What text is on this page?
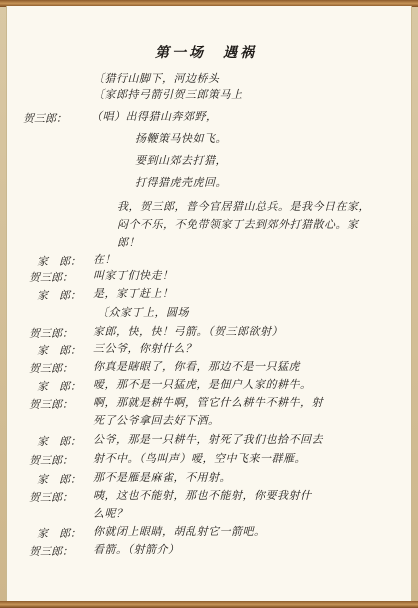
第一场　遇祸
〔猎行山脚下，河边桥头
〔家郎持弓箭引贺三郎策马上
贺三郎： （唱）出得猎山奔郊野，
扬鞭策马快如飞。
要到山郊去打猎，
打得猎虎壳虎回。
我，贺三郎，普今官居猎山总兵。是我今日在家，
闷个不乐，不免带领家丁去到郊外打猎散心。家
郎！
家　郎： 在！
贺三郎： 叫家丁们快走！
家　郎： 是，家丁赶上！
〔众家丁上，圆场
贺三郎： 家郎，快，快！弓箭。（贺三郎欲射）
家　郎： 三公爷，你射什么？
贺三郎： 你真是瞎眼了，你看，那边不是一只猛虎
家　郎： 嗳，那不是一只猛虎，是佃户人家的耕牛。
贺三郎： 啊，那就是耕牛啊，管它什么耕牛不耕牛，射
死了公爷拿回去好下酒。
家　郎： 公爷，那是一只耕牛，射死了我们也拾不回去
贺三郎： 射不中。（鸟叫声）嗳，空中飞来一群雁。
家　郎： 那不是雁是麻雀，不用射。
贺三郎： 咦，这也不能射，那也不能射，你要我射什
么呢？
家　郎： 你就闭上眼睛，胡乱射它一箭吧。
贺三郎： 看箭。（射箭介）
